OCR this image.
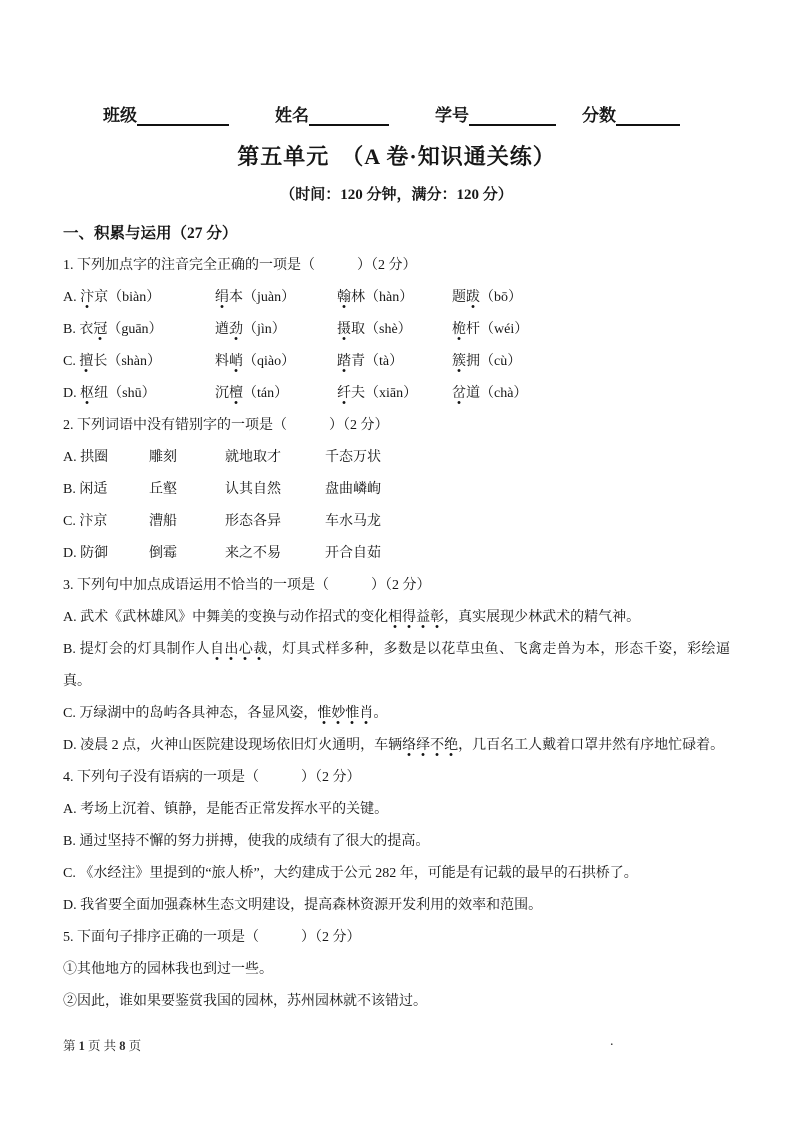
班级	姓名	学号	分数
第五单元　（A 卷·知识通关练）
（时间：120 分钟，满分：120 分）
一、积累与运用（27 分）
1. 下列加点字的注音完全正确的一项是（　　　）（2 分）
A. 汴京（biàn）	绢本（juàn）	翰林（hàn）	题跋（bō）
B. 衣冠（guān）	遒劲（jìn）	摄取（shè）	桅杆（wéi）
C. 擅长（shàn）	料峭（qiào）	踏青（tà）	簇拥（cù）
D. 枢纽（shū）	沉檀（tán）	纤夫（xiān）	岔道（chà）
2. 下列词语中没有错别字的一项是（　　　）（2 分）
A. 拱圈	雕刻	就地取才	千态万状
B. 闲适	丘壑	认其自然	盘曲嶙峋
C. 汴京	漕船	形态各异	车水马龙
D. 防御	倒霉	来之不易	开合自茹
3. 下列句中加点成语运用不恰当的一项是（　　　）（2 分）
A. 武术《武林雄风》中舞美的变换与动作招式的变化相得益彰，真实展现少林武术的精气神。
B. 提灯会的灯具制作人自出心裁，灯具式样多种，多数是以花草虫鱼、飞禽走兽为本，形态千姿，彩绘逼真。
C. 万绿湖中的岛屿各具神态，各显风姿，惟妙惟肖。
D. 凌晨 2 点，火神山医院建设现场依旧灯火通明，车辆络绎不绝，几百名工人戴着口罩井然有序地忙碌着。
4. 下列句子没有语病的一项是（　　　）（2 分）
A. 考场上沉着、镇静，是能否正常发挥水平的关键。
B. 通过坚持不懈的努力拼搏，使我的成绩有了很大的提高。
C. 《水经注》里提到的“旅人桥”，大约建成于公元 282 年，可能是有记载的最早的石拱桥了。
D. 我省要全面加强森林生态文明建设，提高森林资源开发利用的效率和范围。
5. 下面句子排序正确的一项是（　　　）（2 分）
①其他地方的园林我也到过一些。
②因此，谁如果要鉴赏我国的园林，苏州园林就不该错过。
第 1 页 共 8 页	.
